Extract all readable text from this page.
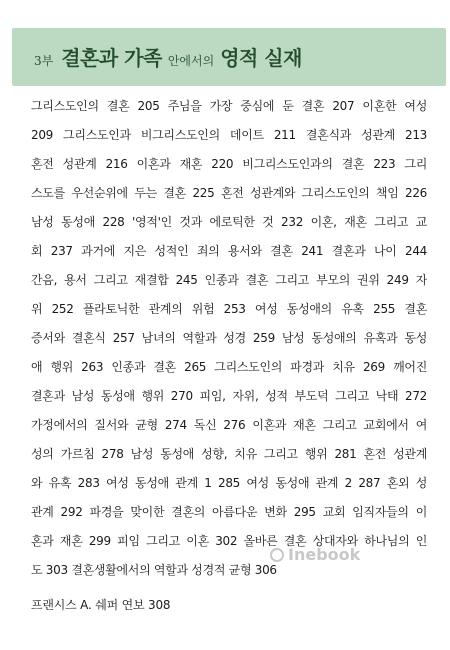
3부 결혼과 가족 안에서의 영적 실재
그리스도인의 결혼 205 주님을 가장 중심에 둔 결혼 207 이혼한 여성
209 그리스도인과 비그리스도인의 데이트 211 결혼식과 성관계 213
혼전 성관계 216 이혼과 재혼 220 비그리스도인과의 결혼 223 그리
스도를 우선순위에 두는 결혼 225 혼전 성관계와 그리스도인의 책임 226
남성 동성애 228 '영적'인 것과 에로틱한 것 232 이혼, 재혼 그리고 교
회 237 과거에 지은 성적인 죄의 용서와 결혼 241 결혼과 나이 244
간음, 용서 그리고 재결합 245 인종과 결혼 그리고 부모의 권위 249 자
위 252 플라토닉한 관계의 위험 253 여성 동성애의 유혹 255 결혼
증서와 결혼식 257 남녀의 역할과 성경 259 남성 동성애의 유혹과 동성
애 행위 263 인종과 결혼 265 그리스도인의 파경과 치유 269 깨어진
결혼과 남성 동성애 행위 270 피임, 자위, 성적 부도덕 그리고 낙태 272
가정에서의 질서와 균형 274 독신 276 이혼과 재혼 그리고 교회에서 여
성의 가르침 278 남성 동성애 성향, 치유 그리고 행위 281 혼전 성관계
와 유혹 283 여성 동성애 관계 1 285 여성 동성애 관계 2 287 혼외 성
관계 292 파경을 맞이한 결혼의 아름다운 변화 295 교회 임직자들의 이
혼과 재혼 299 피임 그리고 이혼 302 올바른 결혼 상대자와 하나님의 인
도 303 결혼생활에서의 역할과 성경적 균형 306
Inebook
프랜시스 A. 쉐퍼 연보 308
